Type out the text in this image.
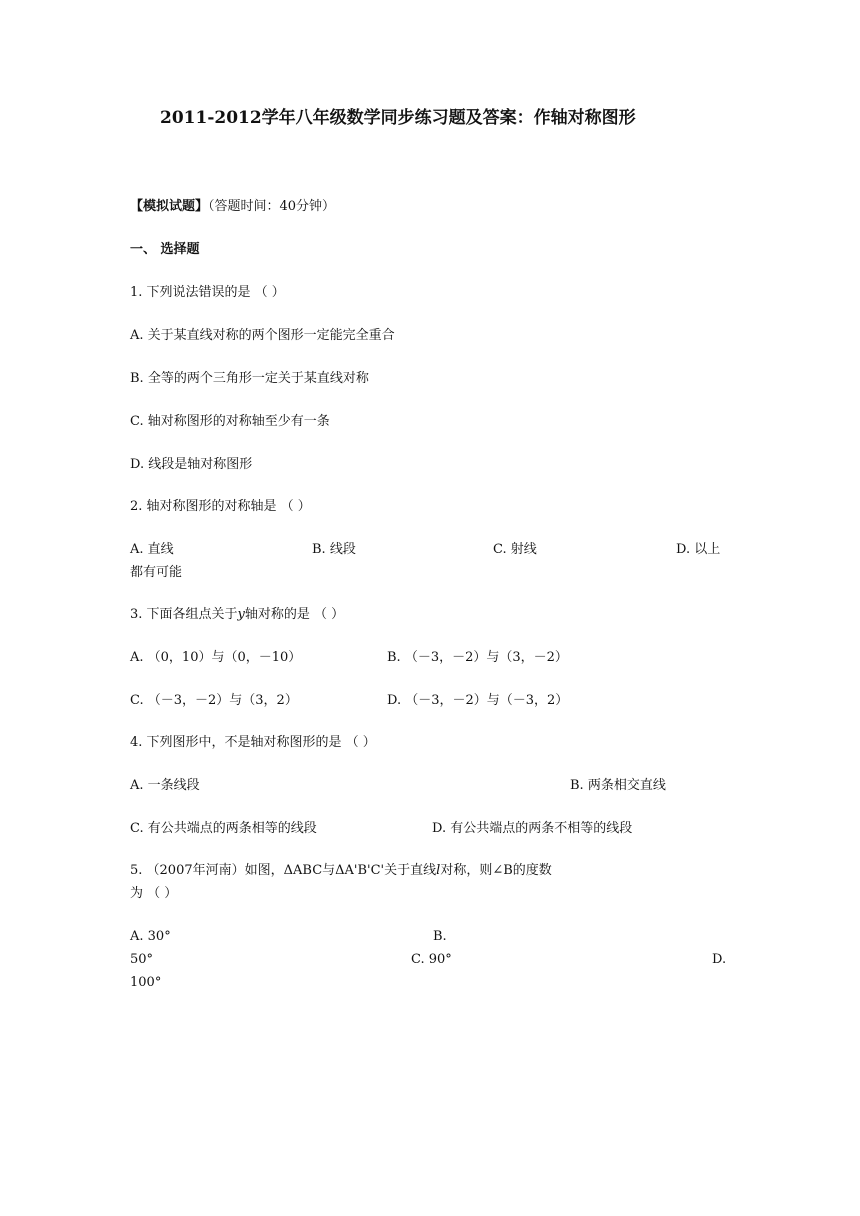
2011-2012学年八年级数学同步练习题及答案：作轴对称图形
【模拟试题】（答题时间：40分钟）
一、 选择题
1. 下列说法错误的是 （ ）
A. 关于某直线对称的两个图形一定能完全重合
B. 全等的两个三角形一定关于某直线对称
C. 轴对称图形的对称轴至少有一条
D. 线段是轴对称图形
2. 轴对称图形的对称轴是 （ ）
A. 直线	B. 线段	C. 射线	D. 以上
都有可能
3. 下面各组点关于y轴对称的是 （ ）
A. （0，10）与（0，－10）	B. （－3，－2）与（3，－2）
C. （－3，－2）与（3，2）	D. （－3，－2）与（－3，2）
4. 下列图形中，不是轴对称图形的是 （ ）
A. 一条线段	B. 两条相交直线
C. 有公共端点的两条相等的线段	D. 有公共端点的两条不相等的线段
5. （2007年河南）如图，ΔABC与ΔA'B'C'关于直线l对称，则∠B的度数
为 （ ）
A. 30°	B.
50°	C. 90°	D.
100°
